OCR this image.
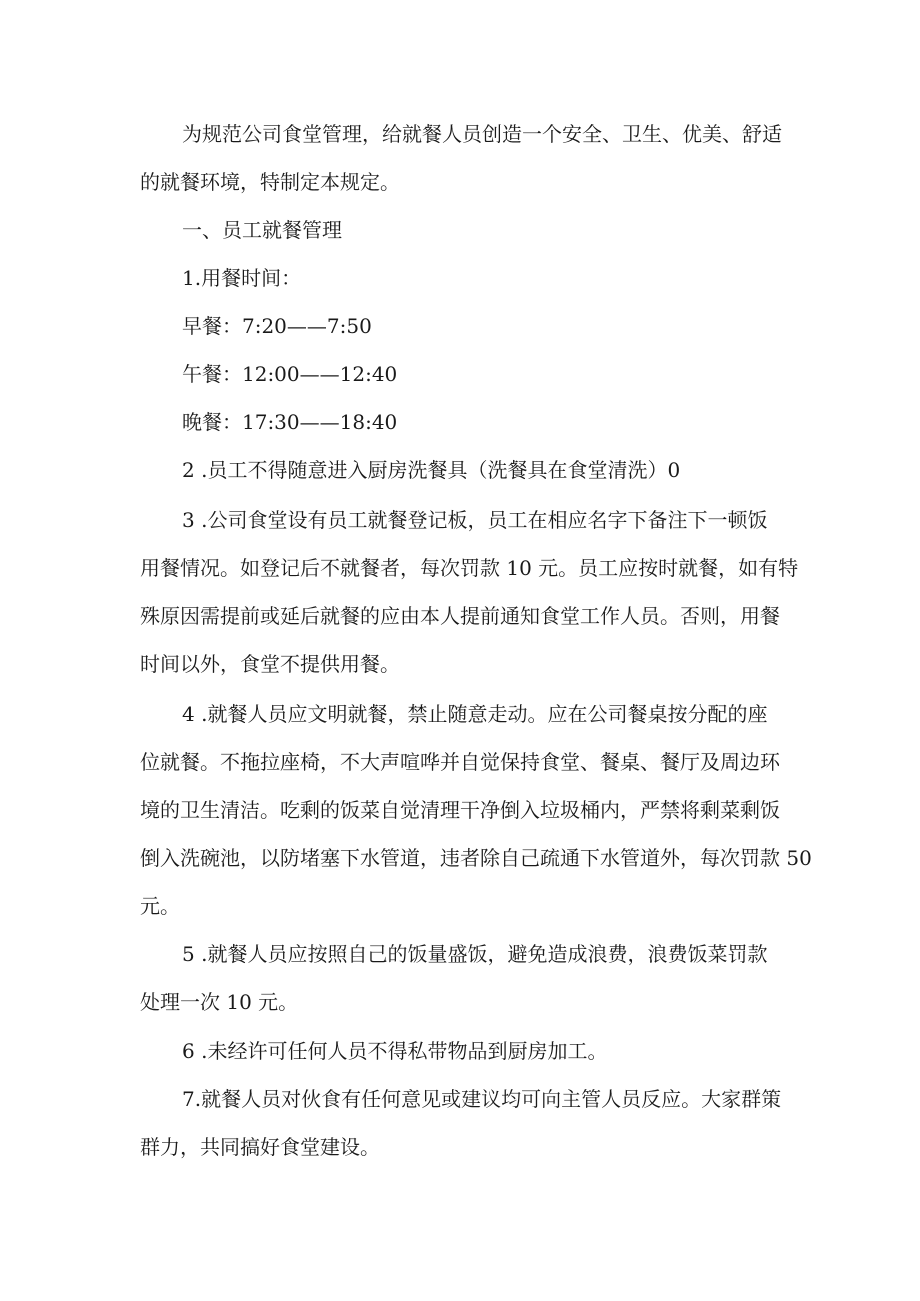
为规范公司食堂管理，给就餐人员创造一个安全、卫生、优美、舒适

的就餐环境，特制定本规定。

一、员工就餐管理

1.用餐时间：

早餐：7:20——7:50

午餐：12:00——12:40

晚餐：17:30——18:40

2 .员工不得随意进入厨房洗餐具（洗餐具在食堂清洗）0

3 .公司食堂设有员工就餐登记板，员工在相应名字下备注下一顿饭

用餐情况。如登记后不就餐者，每次罚款 10 元。员工应按时就餐，如有特

殊原因需提前或延后就餐的应由本人提前通知食堂工作人员。否则，用餐

时间以外，食堂不提供用餐。

4 .就餐人员应文明就餐，禁止随意走动。应在公司餐桌按分配的座

位就餐。不拖拉座椅，不大声喧哗并自觉保持食堂、餐桌、餐厅及周边环

境的卫生清洁。吃剩的饭菜自觉清理干净倒入垃圾桶内，严禁将剩菜剩饭

倒入洗碗池，以防堵塞下水管道，违者除自己疏通下水管道外，每次罚款 50

元。

5 .就餐人员应按照自己的饭量盛饭，避免造成浪费，浪费饭菜罚款

处理一次 10 元。

6 .未经许可任何人员不得私带物品到厨房加工。

7.就餐人员对伙食有任何意见或建议均可向主管人员反应。大家群策

群力，共同搞好食堂建设。
